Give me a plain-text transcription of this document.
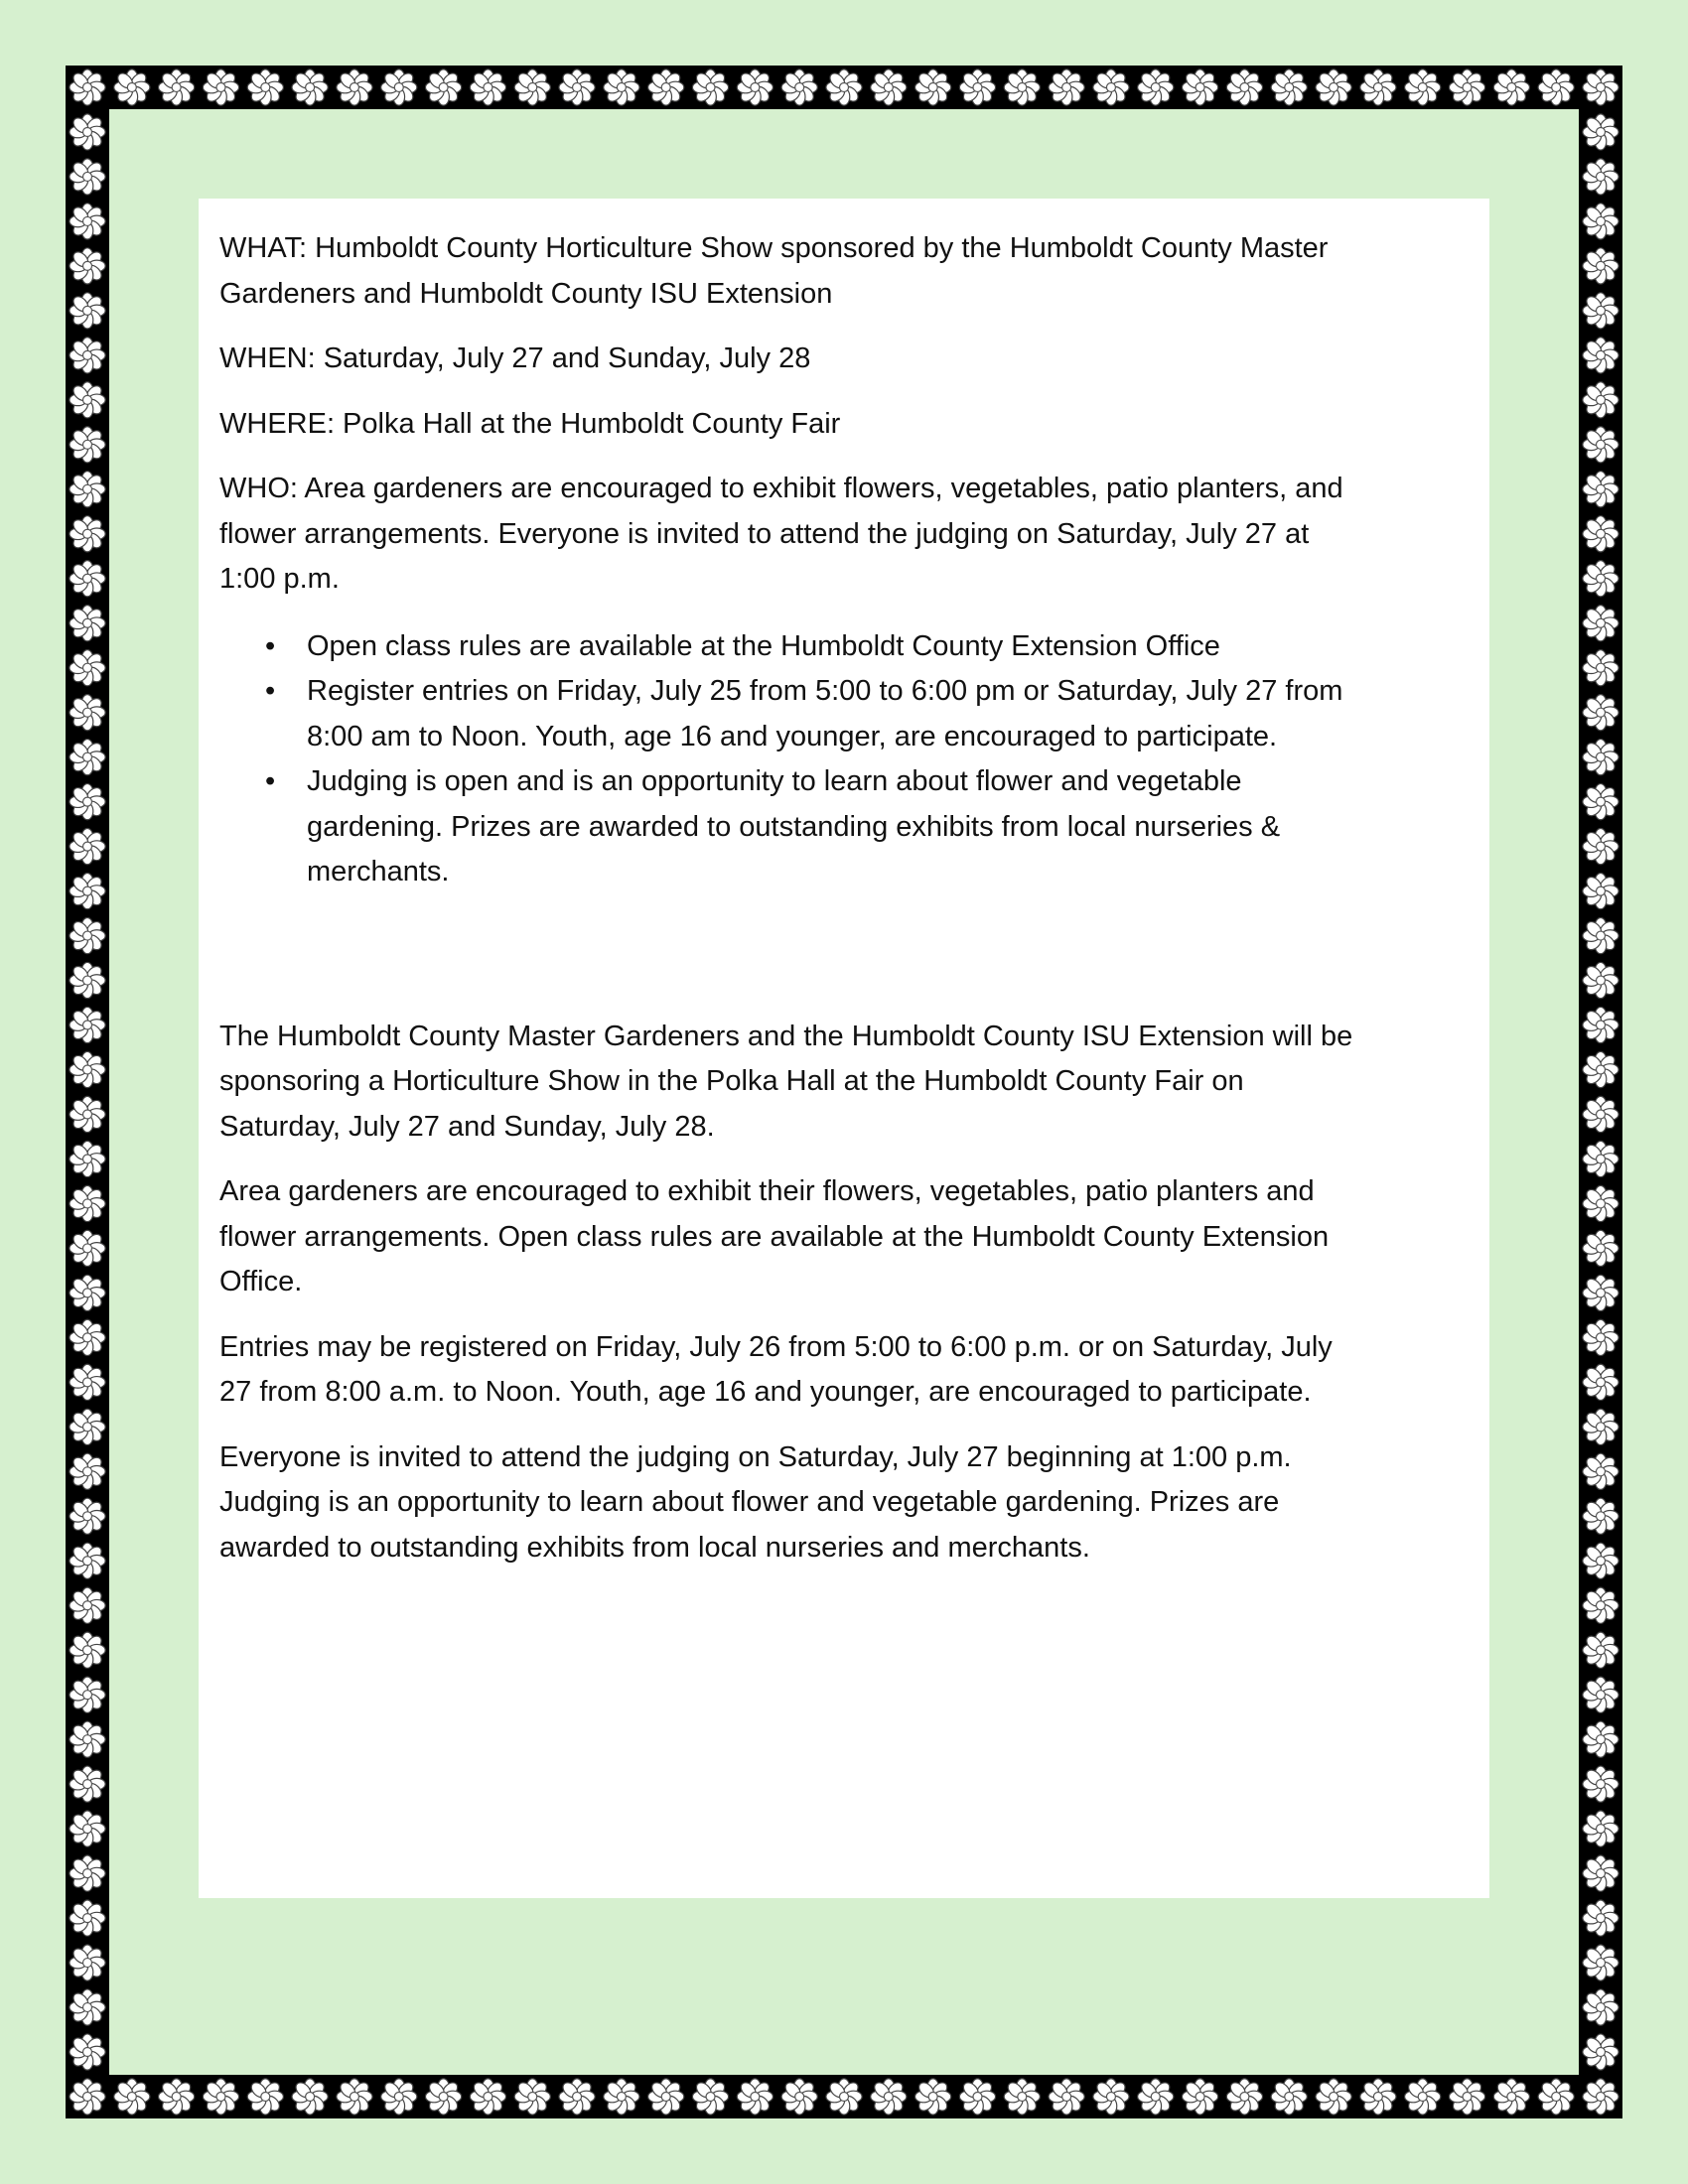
WHAT: Humboldt County Horticulture Show sponsored by the Humboldt County Master Gardeners and Humboldt County ISU Extension

WHEN: Saturday, July 27 and Sunday, July 28

WHERE: Polka Hall at the Humboldt County Fair

WHO: Area gardeners are encouraged to exhibit flowers, vegetables, patio planters, and flower arrangements. Everyone is invited to attend the judging on Saturday, July 27 at 1:00 p.m.

• Open class rules are available at the Humboldt County Extension Office
• Register entries on Friday, July 25 from 5:00 to 6:00 pm or Saturday, July 27 from 8:00 am to Noon. Youth, age 16 and younger, are encouraged to participate.
• Judging is open and is an opportunity to learn about flower and vegetable gardening. Prizes are awarded to outstanding exhibits from local nurseries & merchants.

The Humboldt County Master Gardeners and the Humboldt County ISU Extension will be sponsoring a Horticulture Show in the Polka Hall at the Humboldt County Fair on Saturday, July 27 and Sunday, July 28.

Area gardeners are encouraged to exhibit their flowers, vegetables, patio planters and flower arrangements. Open class rules are available at the Humboldt County Extension Office.

Entries may be registered on Friday, July 26 from 5:00 to 6:00 p.m. or on Saturday, July 27 from 8:00 a.m. to Noon. Youth, age 16 and younger, are encouraged to participate.

Everyone is invited to attend the judging on Saturday, July 27 beginning at 1:00 p.m. Judging is an opportunity to learn about flower and vegetable gardening. Prizes are awarded to outstanding exhibits from local nurseries and merchants.
